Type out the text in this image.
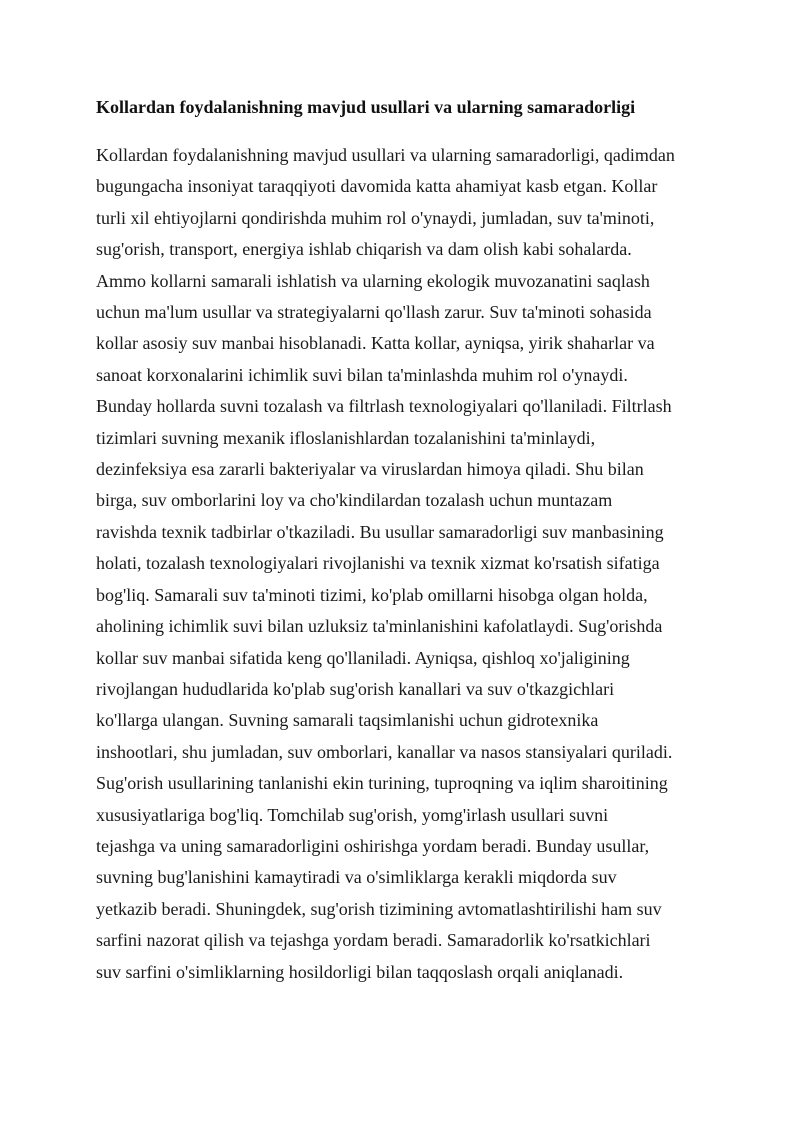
Kollardan foydalanishning mavjud usullari va ularning samaradorligi

Kollardan foydalanishning mavjud usullari va ularning samaradorligi, qadimdan
bugungacha insoniyat taraqqiyoti davomida katta ahamiyat kasb etgan. Kollar
turli xil ehtiyojlarni qondirishda muhim rol o'ynaydi, jumladan, suv ta'minoti,
sug'orish, transport, energiya ishlab chiqarish va dam olish kabi sohalarda.
Ammo kollarni samarali ishlatish va ularning ekologik muvozanatini saqlash
uchun ma'lum usullar va strategiyalarni qo'llash zarur. Suv ta'minoti sohasida
kollar asosiy suv manbai hisoblanadi. Katta kollar, ayniqsa, yirik shaharlar va
sanoat korxonalarini ichimlik suvi bilan ta'minlashda muhim rol o'ynaydi.
Bunday hollarda suvni tozalash va filtrlash texnologiyalari qo'llaniladi. Filtrlash
tizimlari suvning mexanik ifloslanishlardan tozalanishini ta'minlaydi,
dezinfeksiya esa zararli bakteriyalar va viruslardan himoya qiladi. Shu bilan
birga, suv omborlarini loy va cho'kindilardan tozalash uchun muntazam
ravishda texnik tadbirlar o'tkaziladi. Bu usullar samaradorligi suv manbasining
holati, tozalash texnologiyalari rivojlanishi va texnik xizmat ko'rsatish sifatiga
bog'liq. Samarali suv ta'minoti tizimi, ko'plab omillarni hisobga olgan holda,
aholining ichimlik suvi bilan uzluksiz ta'minlanishini kafolatlaydi. Sug'orishda
kollar suv manbai sifatida keng qo'llaniladi. Ayniqsa, qishloq xo'jaligining
rivojlangan hududlarida ko'plab sug'orish kanallari va suv o'tkazgichlari
ko'llarga ulangan. Suvning samarali taqsimlanishi uchun gidrotexnika
inshootlari, shu jumladan, suv omborlari, kanallar va nasos stansiyalari quriladi.
Sug'orish usullarining tanlanishi ekin turining, tuproqning va iqlim sharoitining
xususiyatlariga bog'liq. Tomchilab sug'orish, yomg'irlash usullari suvni
tejashga va uning samaradorligini oshirishga yordam beradi. Bunday usullar,
suvning bug'lanishini kamaytiradi va o'simliklarga kerakli miqdorda suv
yetkazib beradi. Shuningdek, sug'orish tizimining avtomatlashtirilishi ham suv
sarfini nazorat qilish va tejashga yordam beradi. Samaradorlik ko'rsatkichlari
suv sarfini o'simliklarning hosildorligi bilan taqqoslash orqali aniqlanadi.
